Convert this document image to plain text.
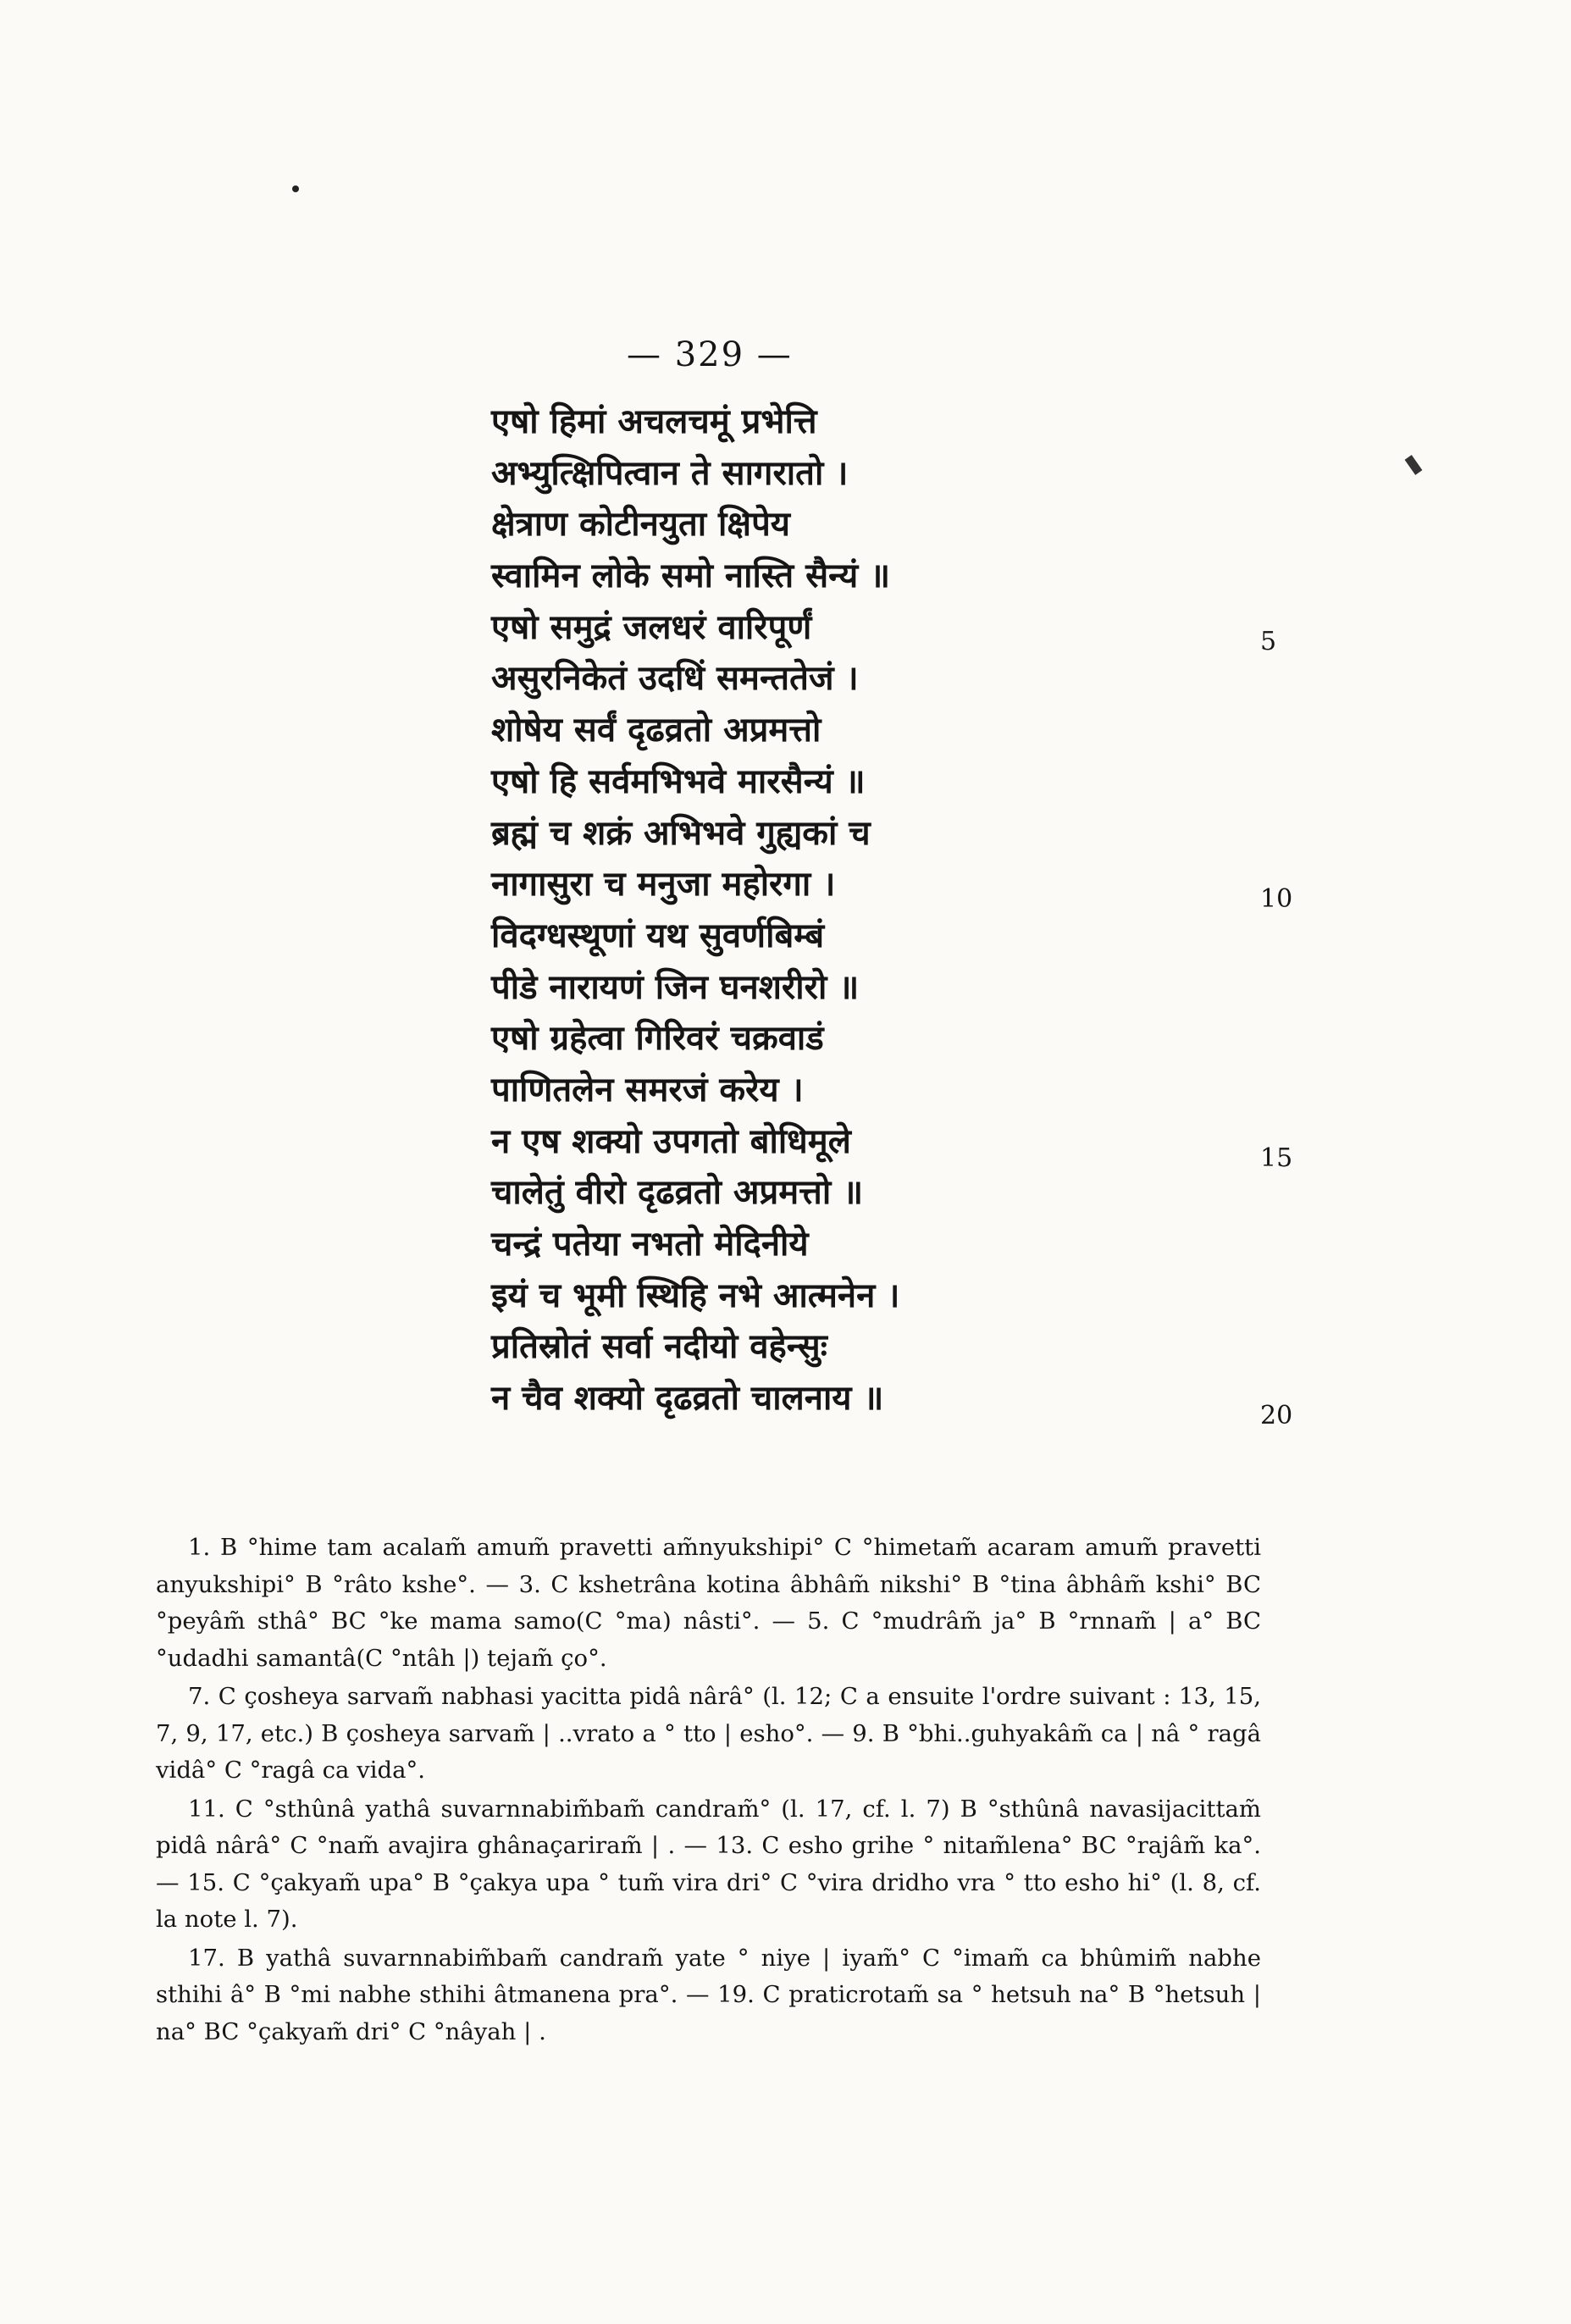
— 329 —
एषो हिमां अचलचमूं प्रभेत्ति
अभ्युत्क्षिपित्वान ते सागरातो ।
क्षेत्राण कोटीनयुता क्षिपेय
स्वामिन लोके समो नास्ति सैन्यं ॥
एषो समुद्रं जलधरं वारिपूर्णं
असुरनिकेतं उदधिं समन्ततेजं ।
शोषेय सर्वं दृढव्रतो अप्रमत्तो
एषो हि सर्वमभिभवे मारसैन्यं ॥
ब्रह्मं च शक्रं अभिभवे गुह्यकां च
नागासुरा च मनुजा महोरगा ।
विदग्धस्थूणां यथ सुवर्णबिम्बं
पीडे नारायणं जिन घनशरीरो ॥
एषो ग्रहेत्वा गिरिवरं चक्रवाडं
पाणितलेन समरजं करेय ।
न एष शक्यो उपगतो बोधिमूले
चालेतुं वीरो दृढव्रतो अप्रमत्तो ॥
चन्द्रं पतेया नभतो मेदिनीये
इयं च भूमी स्थिहि नभे आत्मनेन ।
प्रतिस्रोतं सर्वा नदीयो वहेन्सुः
न चैव शक्यो दृढव्रतो चालनाय ॥
5
10
15
20

1. B °hime tam acalam̃ amum̃ pravetti am̃nyukshipi° C °himetam̃ acaram amum̃ pravetti anyukshipi° B °râto kshe°. — 3. C kshetrâna kotina âbhâm̃ nikshi° B °tina âbhâm̃ kshi° BC °peyâm̃ sthâ° BC °ke mama samo(C °ma) nâsti°. — 5. C °mudrâm̃ ja° B °rnnam̃ | a° BC °udadhi samantâ(C °ntâh |) tejam̃ ço°.

7. C çosheya sarvam̃ nabhasi yacitta pidâ nârâ° (l. 12; C a ensuite l'ordre suivant : 13, 15, 7, 9, 17, etc.) B çosheya sarvam̃ | ..vrato a ° tto | esho°. — 9. B °bhi..guhyakâm̃ ca | nâ ° ragâ vidâ° C °ragâ ca vida°.

11. C °sthûnâ yathâ suvarnnabim̃bam̃ candram̃° (l. 17, cf. l. 7) B °sthûnâ navasijacittam̃ pidâ nârâ° C °nam̃ avajira ghânaçariram̃ | . — 13. C esho grihe ° nitam̃lena° BC °rajâm̃ ka°. — 15. C °çakyam̃ upa° B °çakya upa ° tum̃ vira dri° C °vira dridho vra ° tto esho hi° (l. 8, cf. la note l. 7).

17. B yathâ suvarnnabim̃bam̃ candram̃ yate ° niye | iyam̃° C °imam̃ ca bhûmim̃ nabhe sthihi â° B °mi nabhe sthihi âtmanena pra°. — 19. C praticrotam̃ sa ° hetsuh na° B °hetsuh | na° BC °çakyam̃ dri° C °nâyah | .
